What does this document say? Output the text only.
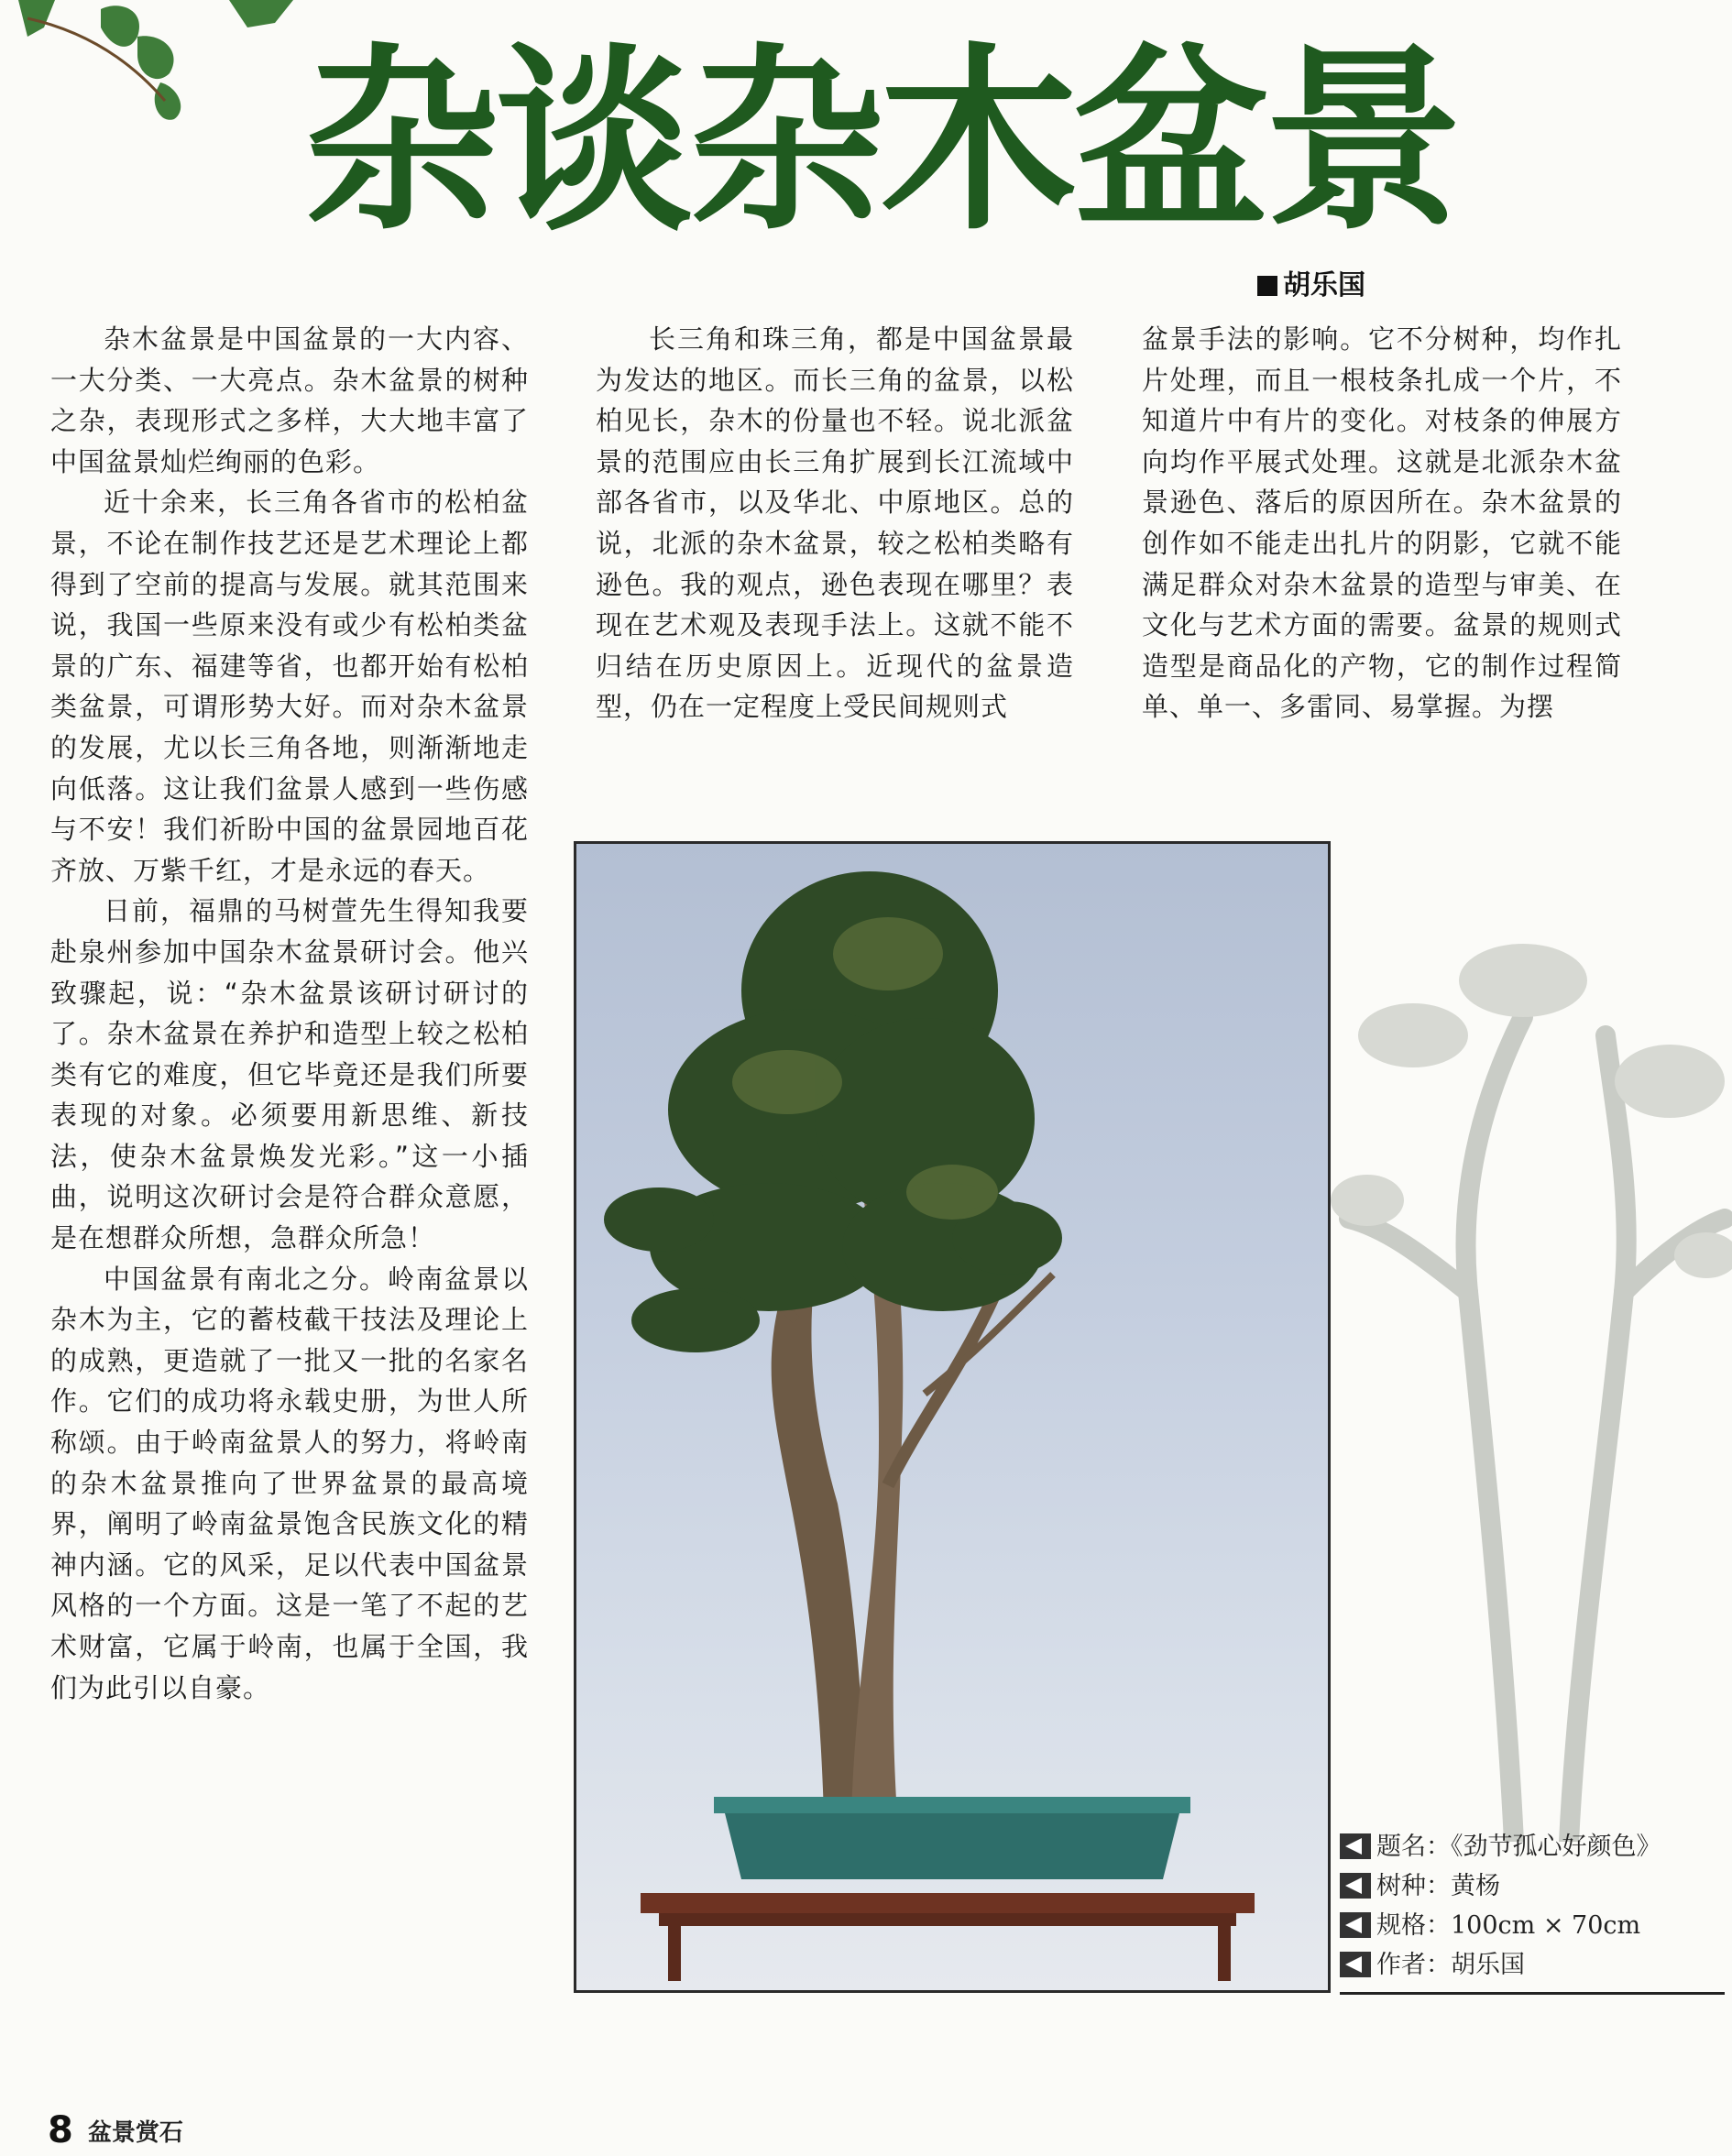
杂谈杂木盆景
胡乐国

杂木盆景是中国盆景的一大内容、一大分类、一大亮点。杂木盆景的树种之杂，表现形式之多样，大大地丰富了中国盆景灿烂绚丽的色彩。

近十余来，长三角各省市的松柏盆景，不论在制作技艺还是艺术理论上都得到了空前的提高与发展。就其范围来说，我国一些原来没有或少有松柏类盆景的广东、福建等省，也都开始有松柏类盆景，可谓形势大好。而对杂木盆景的发展，尤以长三角各地，则渐渐地走向低落。这让我们盆景人感到一些伤感与不安！我们祈盼中国的盆景园地百花齐放、万紫千红，才是永远的春天。

日前，福鼎的马树萱先生得知我要赴泉州参加中国杂木盆景研讨会。他兴致骤起，说：“杂木盆景该研讨研讨的了。杂木盆景在养护和造型上较之松柏类有它的难度，但它毕竟还是我们所要表现的对象。必须要用新思维、新技法，使杂木盆景焕发光彩。”这一小插曲，说明这次研讨会是符合群众意愿，是在想群众所想，急群众所急！

中国盆景有南北之分。岭南盆景以杂木为主，它的蓄枝截干技法及理论上的成熟，更造就了一批又一批的名家名作。它们的成功将永载史册，为世人所称颂。由于岭南盆景人的努力，将岭南的杂木盆景推向了世界盆景的最高境界，阐明了岭南盆景饱含民族文化的精神内涵。它的风采，足以代表中国盆景风格的一个方面。这是一笔了不起的艺术财富，它属于岭南，也属于全国，我们为此引以自豪。

长三角和珠三角，都是中国盆景最为发达的地区。而长三角的盆景，以松柏见长，杂木的份量也不轻。说北派盆景的范围应由长三角扩展到长江流域中部各省市，以及华北、中原地区。总的说，北派的杂木盆景，较之松柏类略有逊色。我的观点，逊色表现在哪里？表现在艺术观及表现手法上。这就不能不归结在历史原因上。近现代的盆景造型，仍在一定程度上受民间规则式

盆景手法的影响。它不分树种，均作扎片处理，而且一根枝条扎成一个片，不知道片中有片的变化。对枝条的伸展方向均作平展式处理。这就是北派杂木盆景逊色、落后的原因所在。杂木盆景的创作如不能走出扎片的阴影，它就不能满足群众对杂木盆景的造型与审美、在文化与艺术方面的需要。盆景的规则式造型是商品化的产物，它的制作过程简单、单一、多雷同、易掌握。为摆

题名：《劲节孤心好颜色》
树种：黄杨
规格：100cm × 70cm
作者：胡乐国
8 盆景赏石
